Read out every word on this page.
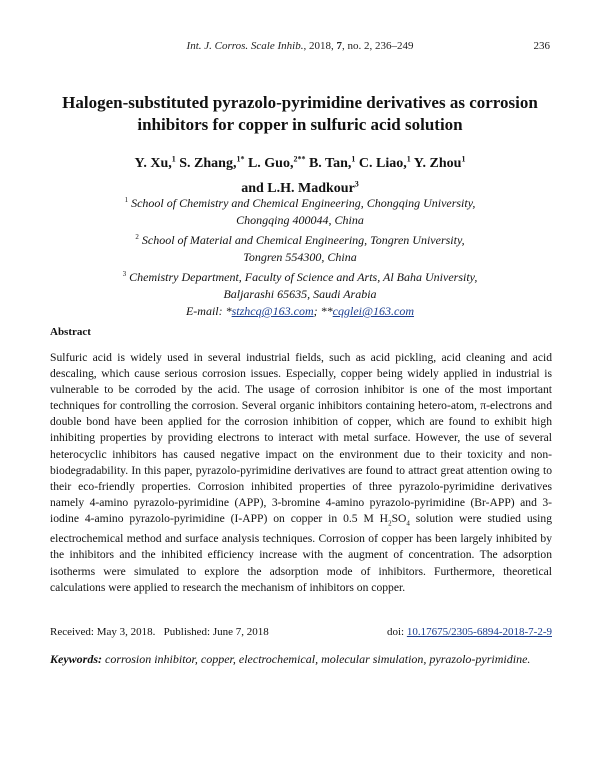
Int. J. Corros. Scale Inhib., 2018, 7, no. 2, 236–249	236
Halogen-substituted pyrazolo-pyrimidine derivatives as corrosion
inhibitors for copper in sulfuric acid solution
Y. Xu,$^1$ S. Zhang,$^{1*}$ L. Guo,$^{2**}$ B. Tan,$^1$ C. Liao,$^1$ Y. Zhou$^1$
and L.H. Madkour$^3$
$^1$ School of Chemistry and Chemical Engineering, Chongqing University,
Chongqing 400044, China
$^2$ School of Material and Chemical Engineering, Tongren University,
Tongren 554300, China
$^3$ Chemistry Department, Faculty of Science and Arts, Al Baha University,
Baljarashi 65635, Saudi Arabia
E-mail: *stzhcq@163.com; **cqglei@163.com
Abstract

Sulfuric acid is widely used in several industrial fields, such as acid pickling, acid cleaning and acid descaling, which cause serious corrosion issues. Especially, copper being widely applied in industrial is vulnerable to be corroded by the acid. The usage of corrosion inhibitor is one of the most important techniques for controlling the corrosion. Several organic inhibitors containing hetero-atom, π-electrons and double bond have been applied for the corrosion inhibition of copper, which are found to exhibit high inhibiting properties by providing electrons to interact with metal surface. However, the use of several heterocyclic inhibitors has caused negative impact on the environment due to their toxicity and non-biodegradability. In this paper, pyrazolo-pyrimidine derivatives are found to attract great attention owing to their eco-friendly properties. Corrosion inhibited properties of three pyrazolo-pyrimidine derivatives namely 4-amino pyrazolo-pyrimidine (APP), 3-bromine 4-amino pyrazolo-pyrimidine (Br-APP) and 3-iodine 4-amino pyrazolo-pyrimidine (I-APP) on copper in 0.5 M $H_2SO_4$ solution were studied using electrochemical method and surface analysis techniques. Corrosion of copper has been largely inhibited by the inhibitors and the inhibited efficiency increase with the augment of concentration. The adsorption isotherms were simulated to explore the adsorption mode of inhibitors. Furthermore, theoretical calculations were applied to research the mechanism of inhibitors on copper.

Received: May 3, 2018. Published: June 7, 2018	doi: 10.17675/2305-6894-2018-7-2-9
Keywords: corrosion inhibitor, copper, electrochemical, molecular simulation, pyrazolo-pyrimidine.
